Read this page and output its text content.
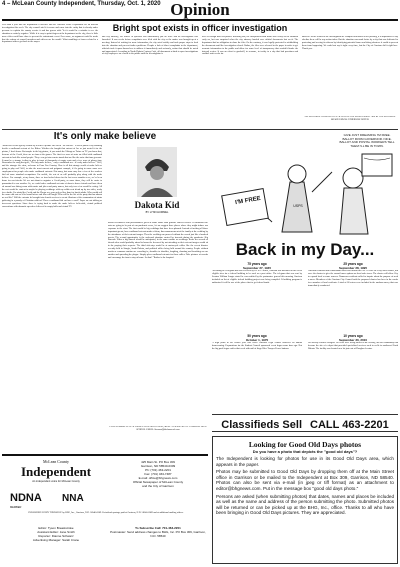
4 – McLean County Independent, Thursday, Oct. 1, 2020 Opinion
Bright spot exists in officer investigation
Less than a year into the department's existence and the Garrison Police Department are an internal investigation this week. The city council said it is aware and came into the entity that is already under pressure to explain the county service it and has grown with. Yet it would be a mistake to see the situation as entirely negative. While it is easy to point fingers at the department or the city, there is little more either could have done to prevent the unfortunate event. Even more, an argument could be made that the actions of council members and officers are the model. What rumblings of issues related to a department officer got back to the mayor
and city attorney, the officer in question was immediately put on leave and an investigation was launched. It was weeks before complaints were filed with the city or the matter was brought up at a meeting. Instead of waiting for more information, the city acted swiftly and took proper steps to look into the situation and prevent further problems. Despite a lack of direct complaints to the department, officials took it upon themselves to address it immediately and seriously, action that should be noted and appreciated. According to North Dakota Century Code, all documents related to open investigations of city employees are closed to the public until the investigation is
over or enough time has passed. Knowing this, the Independent staff didn't run a story on the situation early on, but was surprised when the city attorney handed over official documents last week. The department had no obligation to share the files. On the contrary, it was legally protected in withholding the documents until the investigation closed. Rather, the files were released to the paper in order to get accurate information to the public and allow for some level of transparency that wouldn't hinder the internal review. It was an effort in goodwill, to reassure, to testify to a city that had questions and couldn't wait weeks for
answers. While results of the investigation are compiled and answers are pending, it is impossible to say whether there will be any action taken. But the situation was made better by a city that was dedicated to protecting and serving its citizens by identifying potential issues and doing whatever it could to prevent them from happening. We could not say it right every time, but the City of Garrison did it right here. Thank you.
ALL EDITORIAL OPINIONS THAT APPEAR IN THE INDEPENDENT ARE BY THE EDITORIAL BOARD UNLESS OTHERWISE NOTED.
It's only make believe
About two weeks ago my cousin Ry sent me a picture she called "Joe and me." It was a photo of Ry standing beside a cardboard cut-out of Joe Biden. Whether she bought that cut-out of Joe or just rented it for the picture, I don't know. But maybe in the big picture, if you watch the Vikings or Twins on TV you know that, because of the Covid, there are no fans at the games. The first few rows of seats are filled with cardboard cut-outs to look like actual people. They even go into remote stands that are like the noise that fans generate. It must be a strange feeling to play in front of thousands of empty seats and a few rows of phony fans. Remember the song that goes, "It's only make believe," only a cardboard sea... it's only make believe." Well, and the stranger the virus, welcome to Faux Fan Country. How is all this strange world of make believe going to play out? Well, to take the most current and poignant example, if it's going to cause some new employment for people who make cardboard cut-outs. Not many, but some may lose a few of the workers laid off more standard occupations. For awhile, the rest of us will probably play along with the make believe. For example, at my house, three or four locked down for the last seven months or so, we've been home for our friends. We are not about to organize a Covid party, so some times, they will be easier to quarantined to one another. So, we could order cardboard cut-outs of about a dozen friends and have them sit around our dining room with music and jokes and party names, but only two of us would be eating. All the rest would be content to maybe be playing cerbbarge with my soldier-cut friend up by two sides, ready for a battle. I'm afraid the Covid and the Plague are your only sellers than for lunch adults. Who would roll the same odd cuts we'd be board before and who will laugh? Who will be the life of the party that has almost no real life? Will the cut-outs be brought into church services to create illusions of the communion of saints gathering in a parody of Christian soldiers? Does a cardboard kid cut have a soul? Popes are not talking as irreverent questions. Since there is trying hard to make the make believe believable, virtual political conventions with dramatic speeches delivered in empty halls and virtual TV	Dakota Kid
BY LYNN HUMMEL
award ceremonies with performances given at home rather than genuine concert venues. If cardboard cut-outs are going to be part of our pandemic scene, let me suggest three places where they might induce our exposure to the virus. The first would be big weddings that have been planned. Instead of inviting all those important guests, have cardboard cut-outs made of them, thus announcement of the family at the wedding by the attendance of their cut-out images. Then the wedding can proceed without the crowd just like a hundred guests. The second opportunity is the awkward situation created by funerals during the pandemic. Big funerals. When a big funeral would be anticipated, in the same routine as weddings. Invite the crowds of friends who would probably attend to honor the deceased by not attending so their cut-out images would sit in the praying their respects. The third side-step would be at motorcycle rallies like the recent disaster recently held in Sturgis, South Dakota, and political rallies being held around the country. People without masks or common caution are crowding in, shoulder to shoulder, laughing, shouting and breathing on one another and spreading the plague. Simply place cardboard cut-outs for those rallies. Take pictures of crowds and encourage the fans to stay at home. So that? "Bother is the hospital.
LYNN HUMMEL IS AN ATTORNEY IN DETROIT LAKES, MINN. A GRADUATE OF GARRISON HIGH SCHOOL. EMAIL: lhummel@thehummels.com
I'M FREE
GIVE JUST DREAMING I'M FREE. BALLOT FROM GOVERNOR. NICE. BALLOT AND POSTAL WORKERS TELL THEM I'LL BE IN TOWN.
USPS
Back in my Day...
75 years ago
September 27, 1945
According to a telegram that was received by Dr. B.C. Brink, Garrison was included on the list of eligible sites for a federal building to be used as a post office. The telegram that was sent by Senator William Langer stated he was notified by the postmaster general this morning Garrison included on list of eligible federal building project now being compiled. If building program is authorized it will be one of the places first to get federal funds.
50 years ago
October 1, 1970
A high point in the school year was when Garrison High School observed an annual homecoming. Preparations for the Student Council sponsored event began some time ago. Not the big pack began earlier that week with nail of flags. Blue Trooper Power buttons.
25 years ago
September 28, 1995
Garrison residents didn't understand what was behind the Oct. 10 vote on a city sales charter, but were the charter to give the council more options on local rules taxes. The charter will allow City to expand local revenue sources. Numerous residents called to inquire about the purpose of such a move. Members of the Garrison City Council said the proposed charter has been in the works for a number of local residents. A total of 68 voters were included in the random survey that was immediately conducted.
10 years ago
September 30, 2010
Oil activity reached Douglas. No wells were being drilled in the vicinity, but the community had become the site of a depot that provided specialized services used in wells in northwest North Dakota. The facility was located on a lot just east of Douglas elevator.
Classifieds Sell CALL 463-2201
McLean County
Independent
An independent voice for McLean County
NDNA
MEMBER
NNA
425 Main St. PO Box 309
Garrison, ND 58540-0309
Ph: (701) 463-2201
Fax: (701) 463-7487
E-mail: office@bhgnews.com
Official Newspaper of McLean County
and the City of Garrison
PUBLISHED EVERY THURSDAY by BHG, Inc., Garrison, N.D. 58540-0309. Periodicals postage paid at Garrison, N.D. 58540-0309 and at additional mailing offices.
Editor: Tyson Breaststroke
Assistant Editor: Jane Smith
Reporter: Dianne Schwarz
Advertising Manager: Sarah Crane
To Subscribe Call: 701-463-2201
Postmaster: Send address changes to BHG, Inc. PO Box 309, Garrison, N.D. 58540
Looking for Good Old Days photos
Do you have a photo that depicts the "good old days"?
The Independent is looking for photos for use in its Good Old Days area, which appears in the paper.
Photos may be submitted to Good Old Days by dropping them off at the Main Street office in Garrison or be mailed to the Independent at Box 309, Garrison, ND 58540. Photos can also be sent via e-mail (in jpeg or tiff format) as an attachment to editor@bhgnews.com. Put in the message box "good old days photo."
Persons are asked (when submitting photos) that dates, names and places be included as well as the name and address of the person submitting the photo. Submitted photos will be returned or can be picked up at the BHG, Inc., office. Thanks to all who have been bringing in Good Old Days pictures. They are appreciated.
